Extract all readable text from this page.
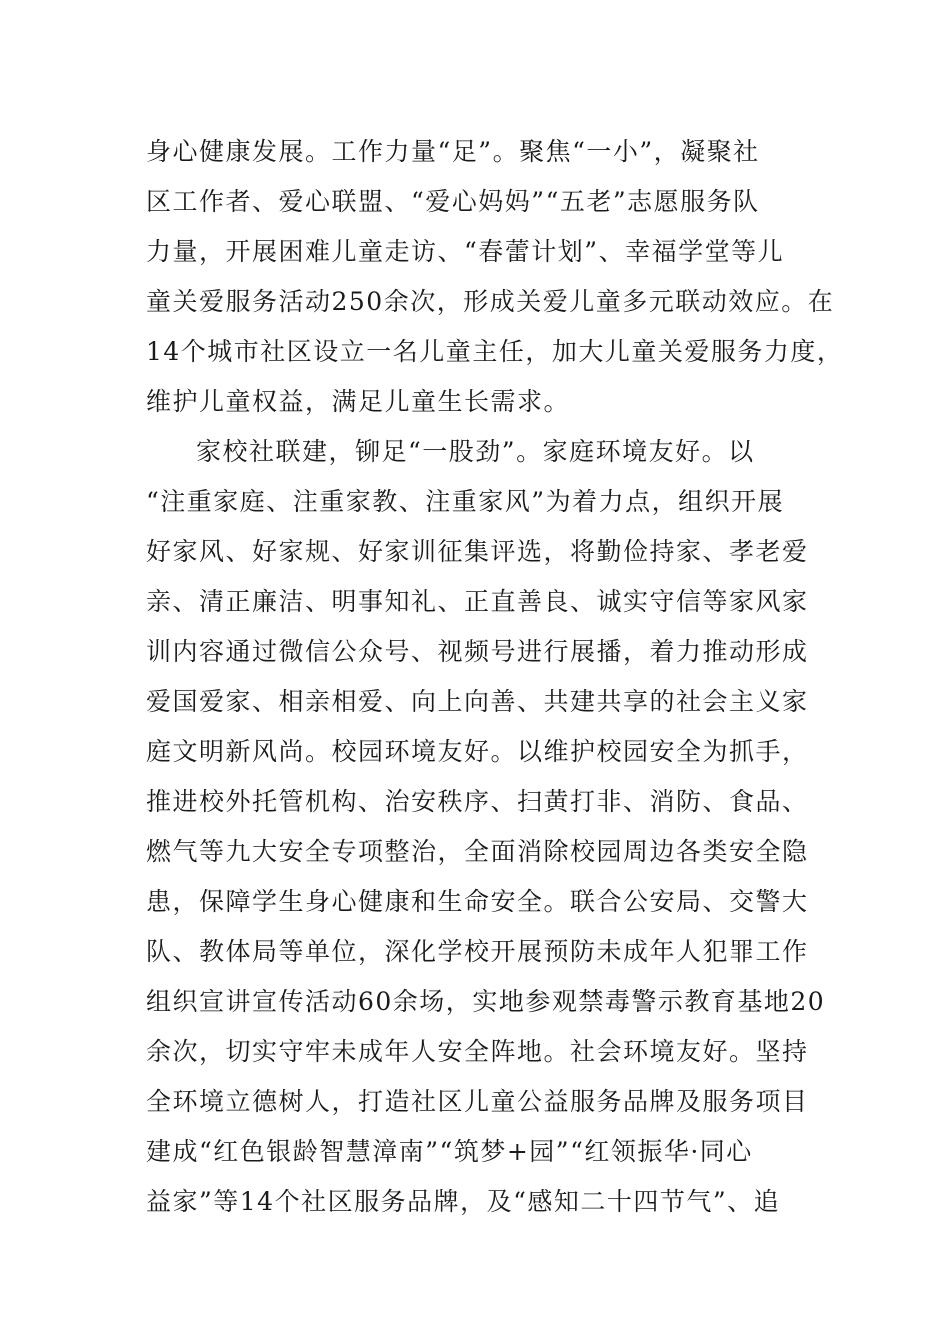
身心健康发展。工作力量“足”。聚焦“一小”，凝聚社
区工作者、爱心联盟、“爱心妈妈”“五老”志愿服务队
力量，开展困难儿童走访、“春蕾计划”、幸福学堂等儿
童关爱服务活动250余次，形成关爱儿童多元联动效应。在
14个城市社区设立一名儿童主任，加大儿童关爱服务力度，
维护儿童权益，满足儿童生长需求。
家校社联建，铆足“一股劲”。家庭环境友好。以
“注重家庭、注重家教、注重家风”为着力点，组织开展
好家风、好家规、好家训征集评选，将勤俭持家、孝老爱
亲、清正廉洁、明事知礼、正直善良、诚实守信等家风家
训内容通过微信公众号、视频号进行展播，着力推动形成
爱国爱家、相亲相爱、向上向善、共建共享的社会主义家
庭文明新风尚。校园环境友好。以维护校园安全为抓手，
推进校外托管机构、治安秩序、扫黄打非、消防、食品、
燃气等九大安全专项整治，全面消除校园周边各类安全隐
患，保障学生身心健康和生命安全。联合公安局、交警大
队、教体局等单位，深化学校开展预防未成年人犯罪工作
组织宣讲宣传活动60余场，实地参观禁毒警示教育基地20
余次，切实守牢未成年人安全阵地。社会环境友好。坚持
全环境立德树人，打造社区儿童公益服务品牌及服务项目
建成“红色银龄智慧漳南”“筑梦+园”“红领振华·同心
益家”等14个社区服务品牌，及“感知二十四节气”、追
